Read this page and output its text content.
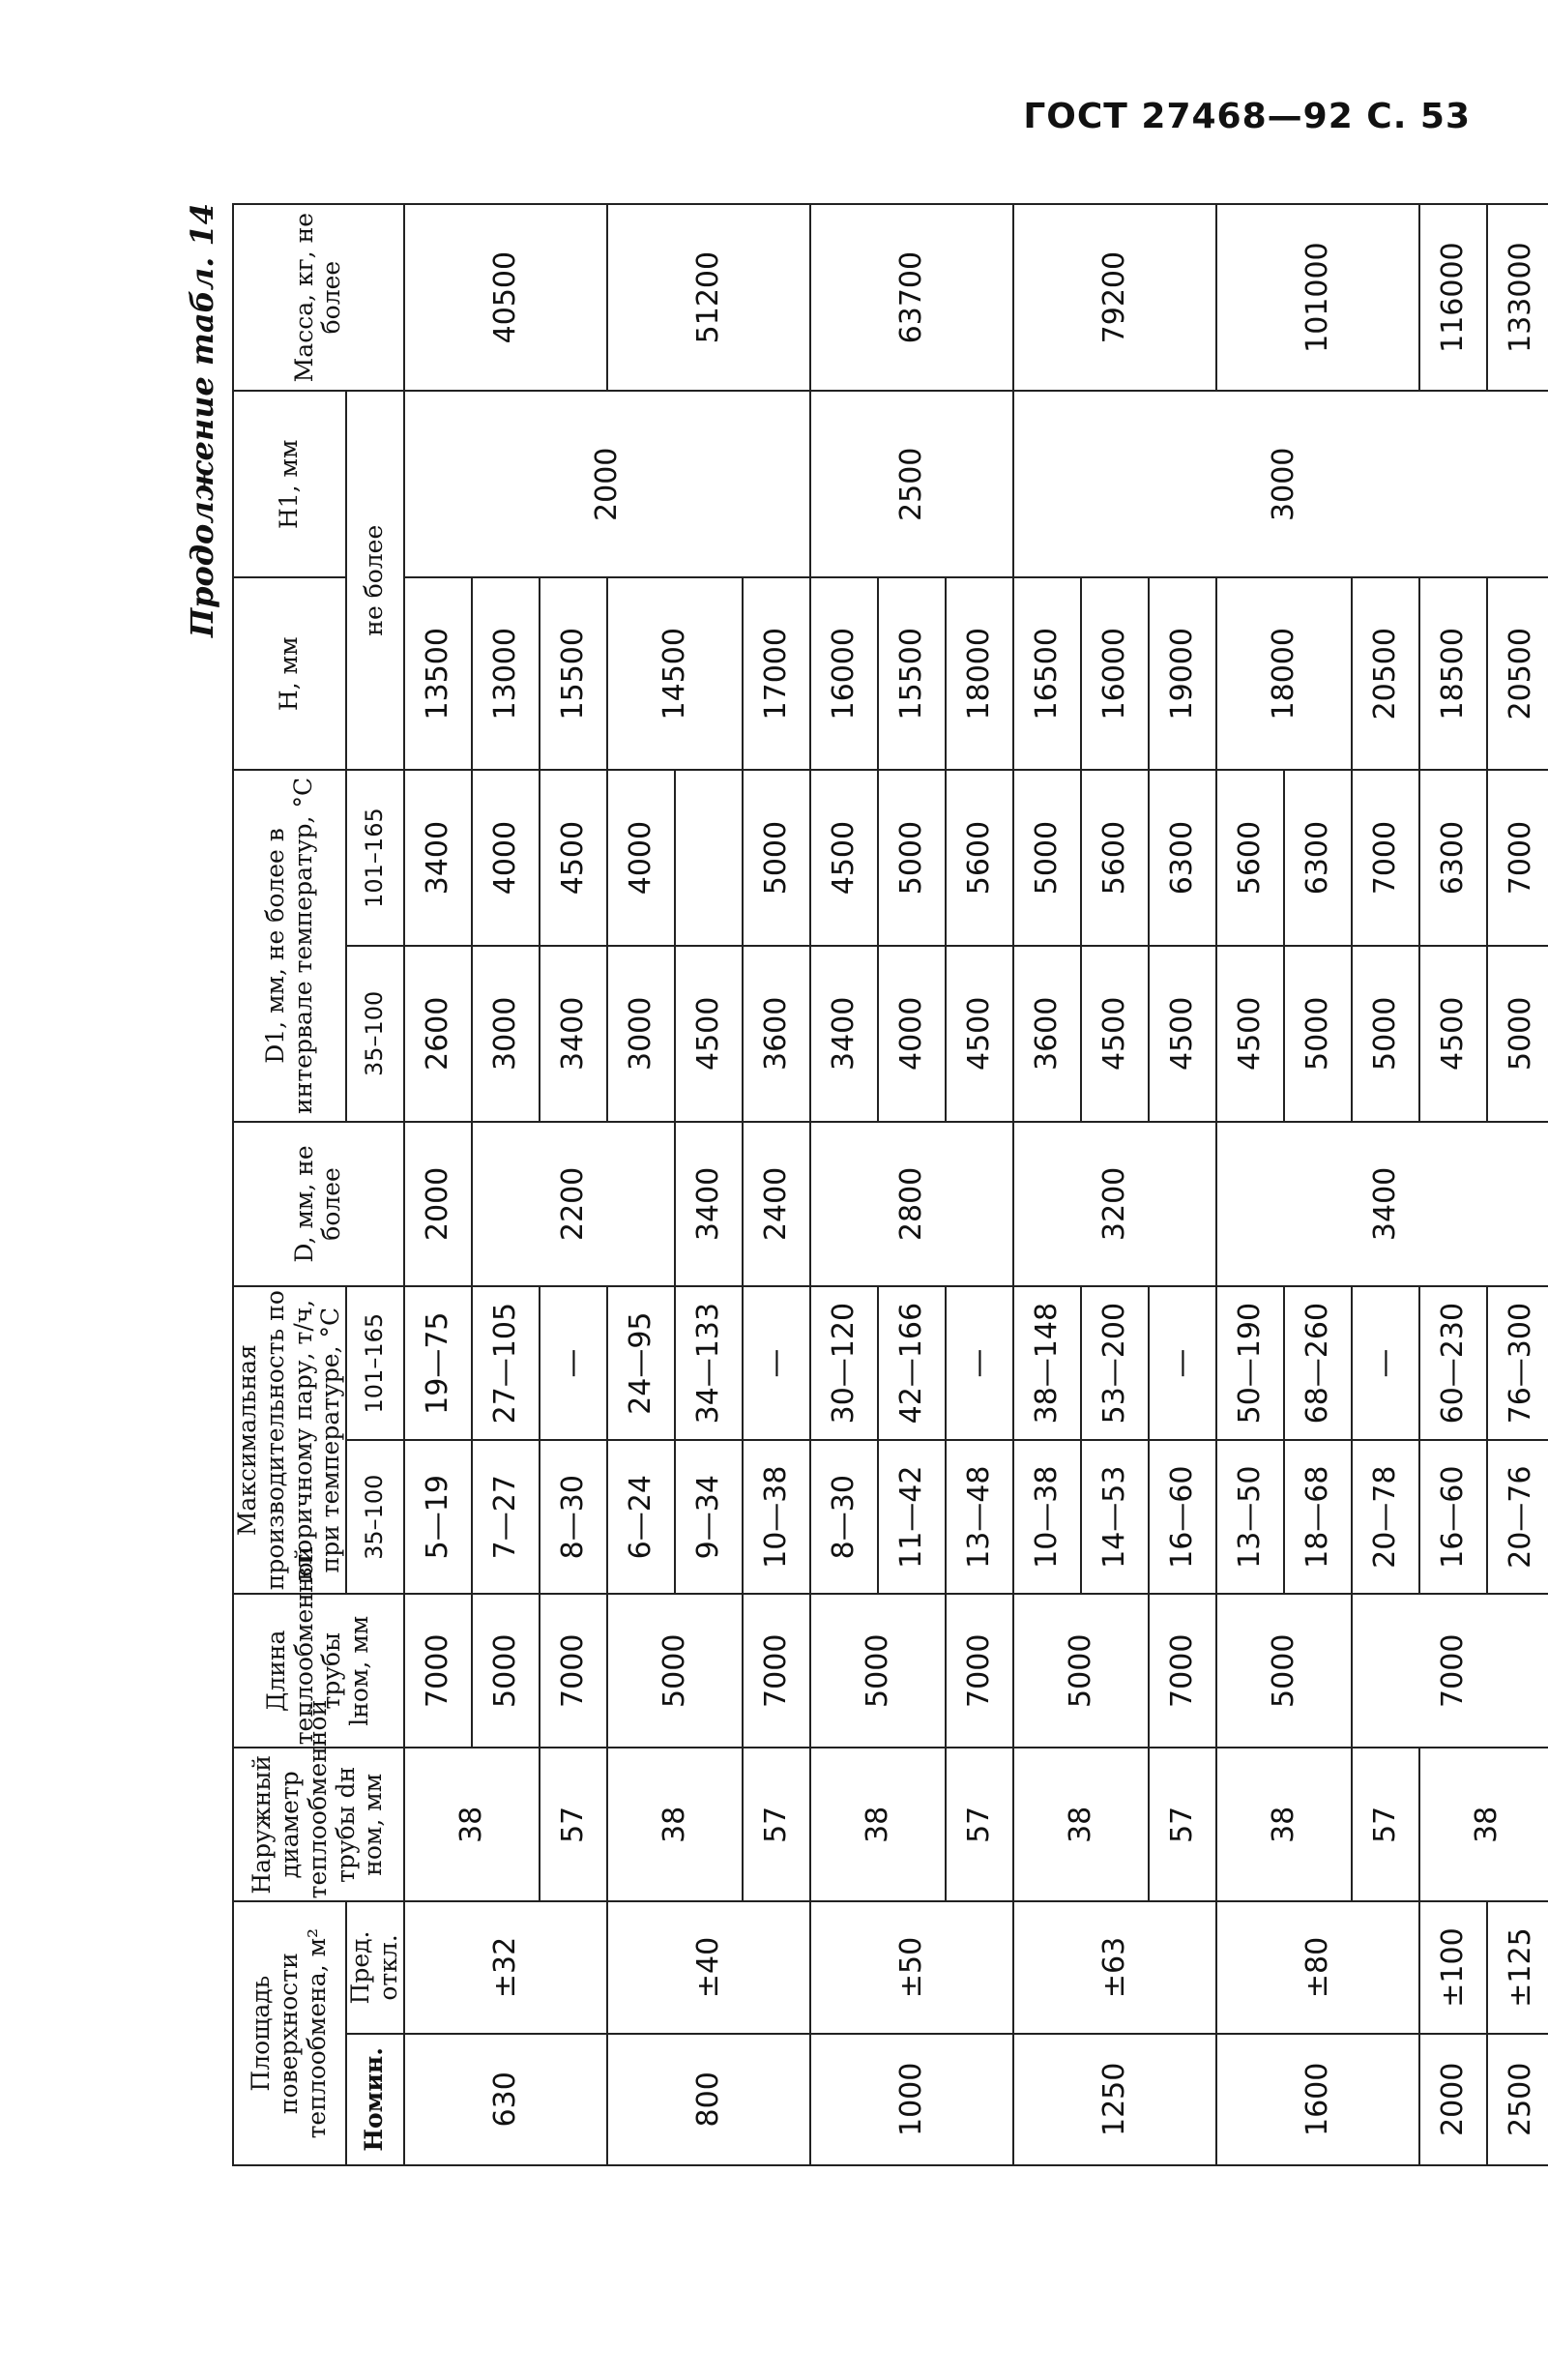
ГОСТ 27468—92 С. 53
Продолжение табл. 14
Площадь поверхности теплообмена, м²		Наружный диаметр теплообменной трубы dн ном, мм	Длина теплообменной трубы lном, мм	Максимальная производительность по вторичному пару, т/ч, при температуре, °С		D, мм, не более	D1, мм, не более в интервале температур, °С		H, мм	H1, мм	Масса, кг, не более
Номин.	Пред. откл.			35–100	101–165		35–100	101–165	не более		
630	±32	38	7000	5—19	19—75	2000	2600	3400	13500	2000	40500
			5000	7—27	27—105	2200	3000	4000	13000		
		57	7000	8—30	—		3400	4500	15500		
800	±40	38	5000	6—24	24—95		3000	4000	14500		51200
				9—34	34—133	3400	4500				
		57	7000	10—38	—	2400	3600	5000	17000		
1000	±50	38	5000	8—30	30—120	2800	3400	4500	16000	2500	63700
				11—42	42—166		4000	5000	15500		
		57	7000	13—48	—		4500	5600	18000		
1250	±63	38	5000	10—38	38—148	3200	3600	5000	16500	3000	79200
				14—53	53—200		4500	5600	16000		
		57	7000	16—60	—		4500	6300	19000		
1600	±80	38	5000	13—50	50—190	3400	4500	5600	18000		101000
				18—68	68—260		5000	6300			
		57	7000	20—78	—		5000	7000	20500		
2000	±100	38		16—60	60—230		4500	6300	18500		116000
2500	±125			20—76	76—300		5000	7000	20500		133000
